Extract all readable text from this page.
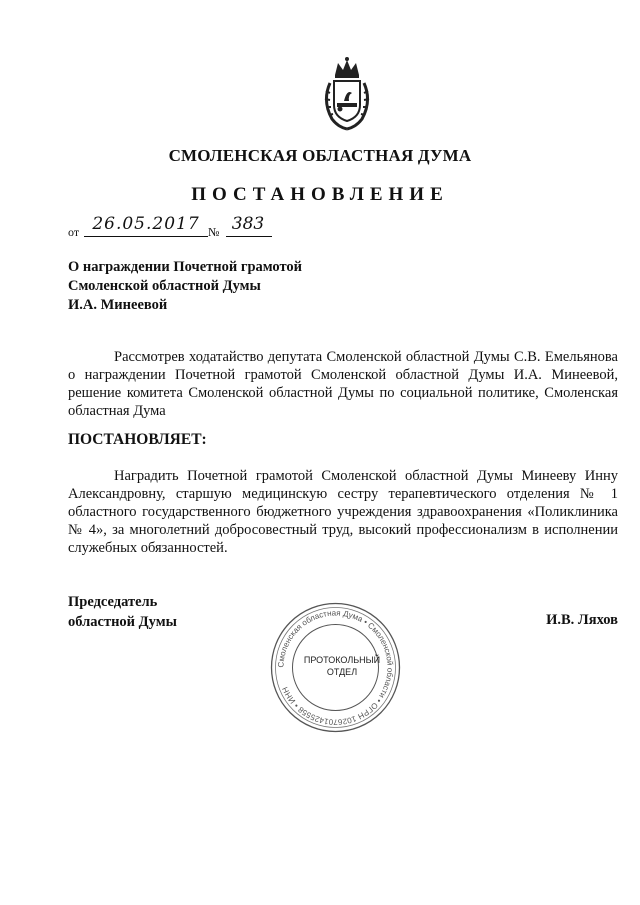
СМОЛЕНСКАЯ ОБЛАСТНАЯ ДУМА
ПОСТАНОВЛЕНИЕ
от 26.05.2017 № 383
О награждении Почетной грамотой
Смоленской областной Думы
И.А. Минеевой
Рассмотрев ходатайство депутата Смоленской областной Думы С.В. Емельянова о награждении Почетной грамотой Смоленской областной Думы И.А. Минеевой, решение комитета Смоленской областной Думы по социальной политике, Смоленская областная Дума
ПОСТАНОВЛЯЕТ:
Наградить Почетной грамотой Смоленской областной Думы Минееву Инну Александровну, старшую медицинскую сестру терапевтического отделения № 1 областного государственного бюджетного учреждения здравоохранения «Поликлиника № 4», за многолетний добросовестный труд, высокий профессионализм в исполнении служебных обязанностей.
Председатель
областной Думы	И.В. Ляхов
Смоленская областная Дума • Смоленской области • ОГРН 1026701425558 • ИНН
ПРОТОКОЛЬНЫЙ
ОТДЕЛ
